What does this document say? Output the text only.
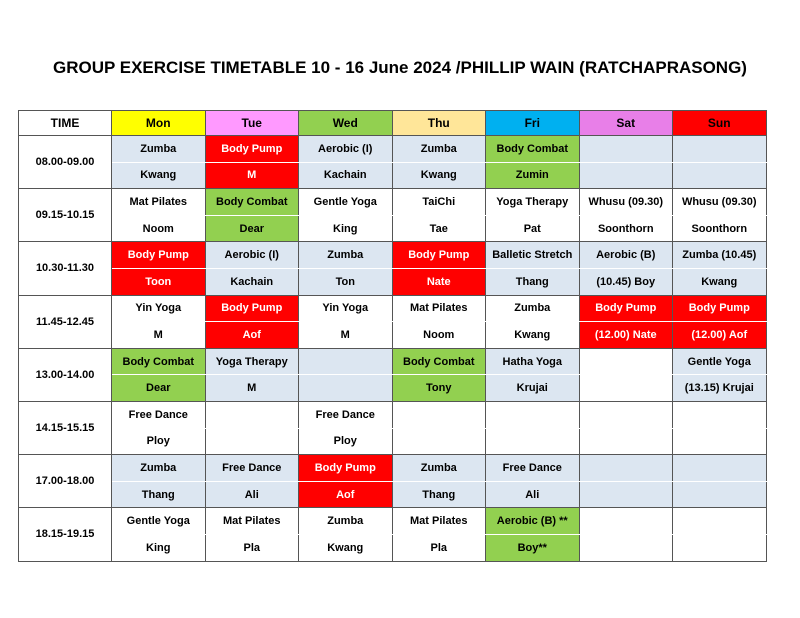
GROUP EXERCISE TIMETABLE 10 - 16 June 2024 /PHILLIP WAIN (RATCHAPRASONG)
TIME	Mon	Tue	Wed	Thu	Fri	Sat	Sun
08.00-09.00	Zumba	Body Pump	Aerobic (I)	Zumba	Body Combat		
	Kwang	M	Kachain	Kwang	Zumin		
09.15-10.15	Mat Pilates	Body Combat	Gentle Yoga	TaiChi	Yoga Therapy	Whusu (09.30)	Whusu (09.30)
	Noom	Dear	King	Tae	Pat	Soonthorn	Soonthorn
10.30-11.30	Body Pump	Aerobic (I)	Zumba	Body Pump	Balletic Stretch	Aerobic (B)	Zumba (10.45)
	Toon	Kachain	Ton	Nate	Thang	(10.45) Boy	Kwang
11.45-12.45	Yin Yoga	Body Pump	Yin Yoga	Mat Pilates	Zumba	Body Pump	Body Pump
	M	Aof	M	Noom	Kwang	(12.00) Nate	(12.00) Aof
13.00-14.00	Body Combat	Yoga Therapy		Body Combat	Hatha Yoga		Gentle Yoga
	Dear	M		Tony	Krujai		(13.15) Krujai
14.15-15.15	Free Dance		Free Dance				
	Ploy		Ploy				
17.00-18.00	Zumba	Free Dance	Body Pump	Zumba	Free Dance		
	Thang	Ali	Aof	Thang	Ali		
18.15-19.15	Gentle Yoga	Mat Pilates	Zumba	Mat Pilates	Aerobic (B) **		
	King	Pla	Kwang	Pla	Boy**		
